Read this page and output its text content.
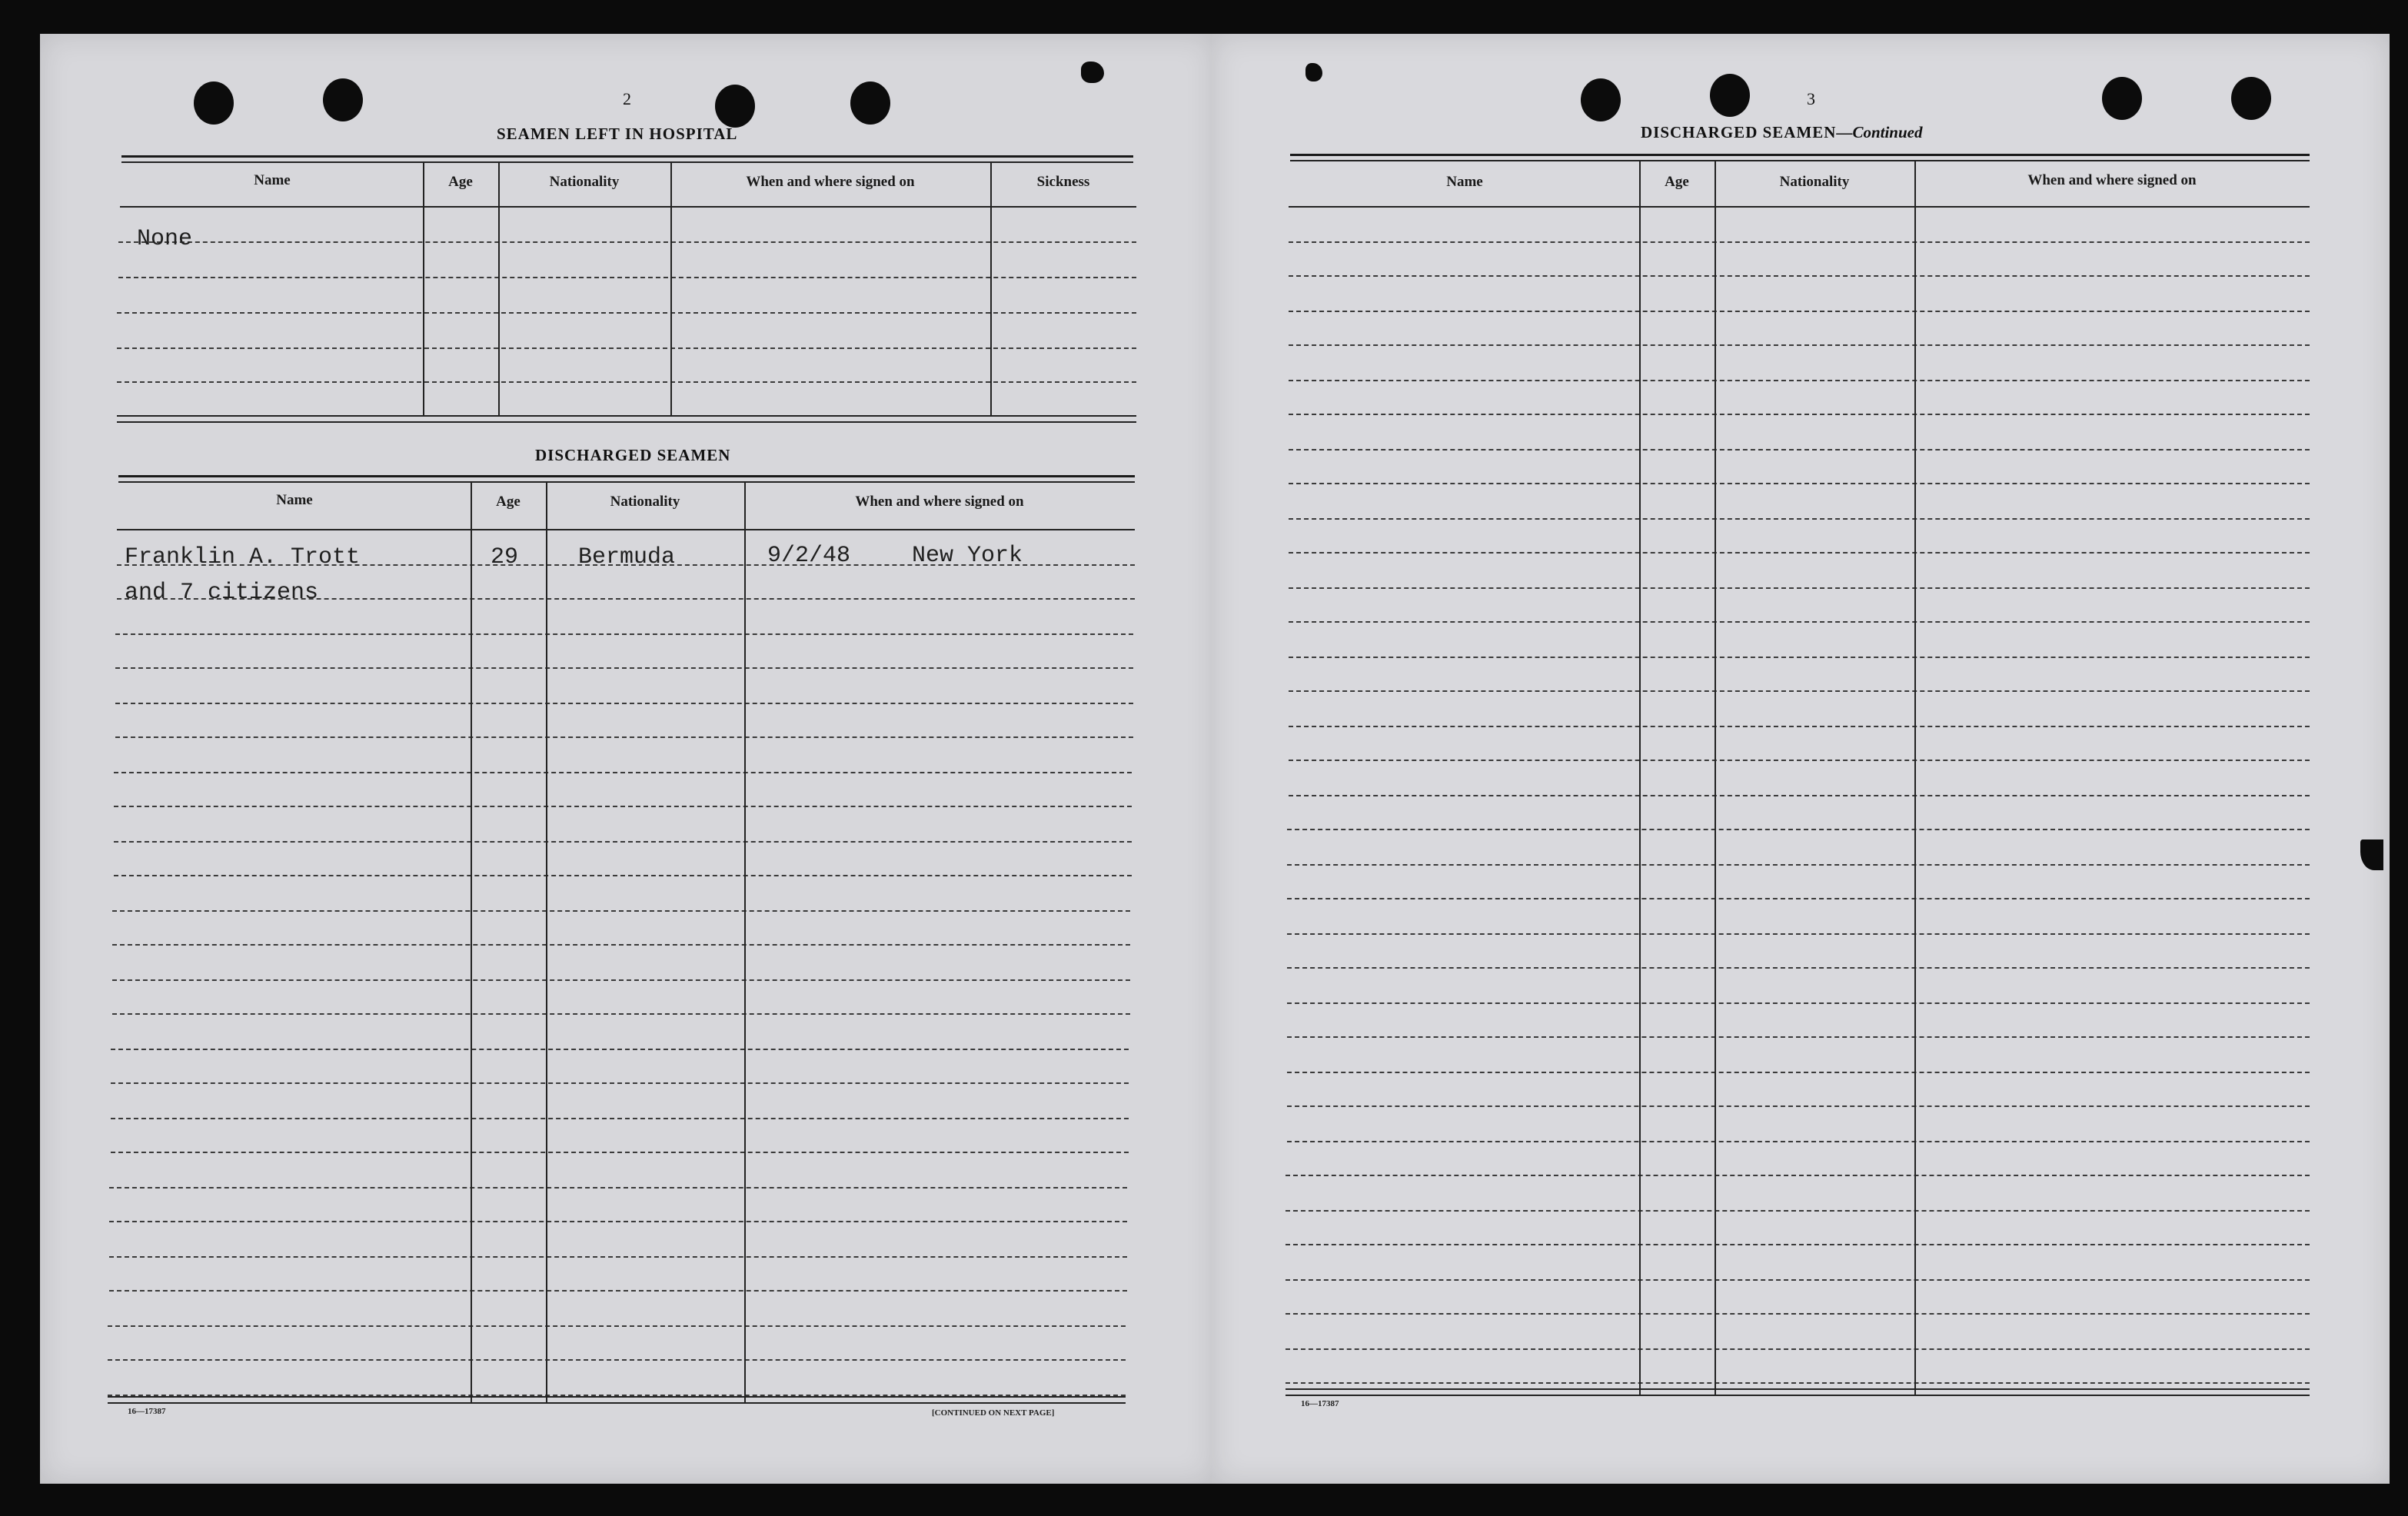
2
SEAMEN LEFT IN HOSPITAL
Name	Age	Nationality	When and where signed on	Sickness
None
DISCHARGED SEAMEN
Name	Age	Nationality	When and where signed on
Franklin A. Trott	29	Bermuda	9/2/48	New York
and 7 citizens
16—17387	[CONTINUED ON NEXT PAGE]
3
DISCHARGED SEAMEN—Continued
Name	Age	Nationality	When and where signed on
16—17387
